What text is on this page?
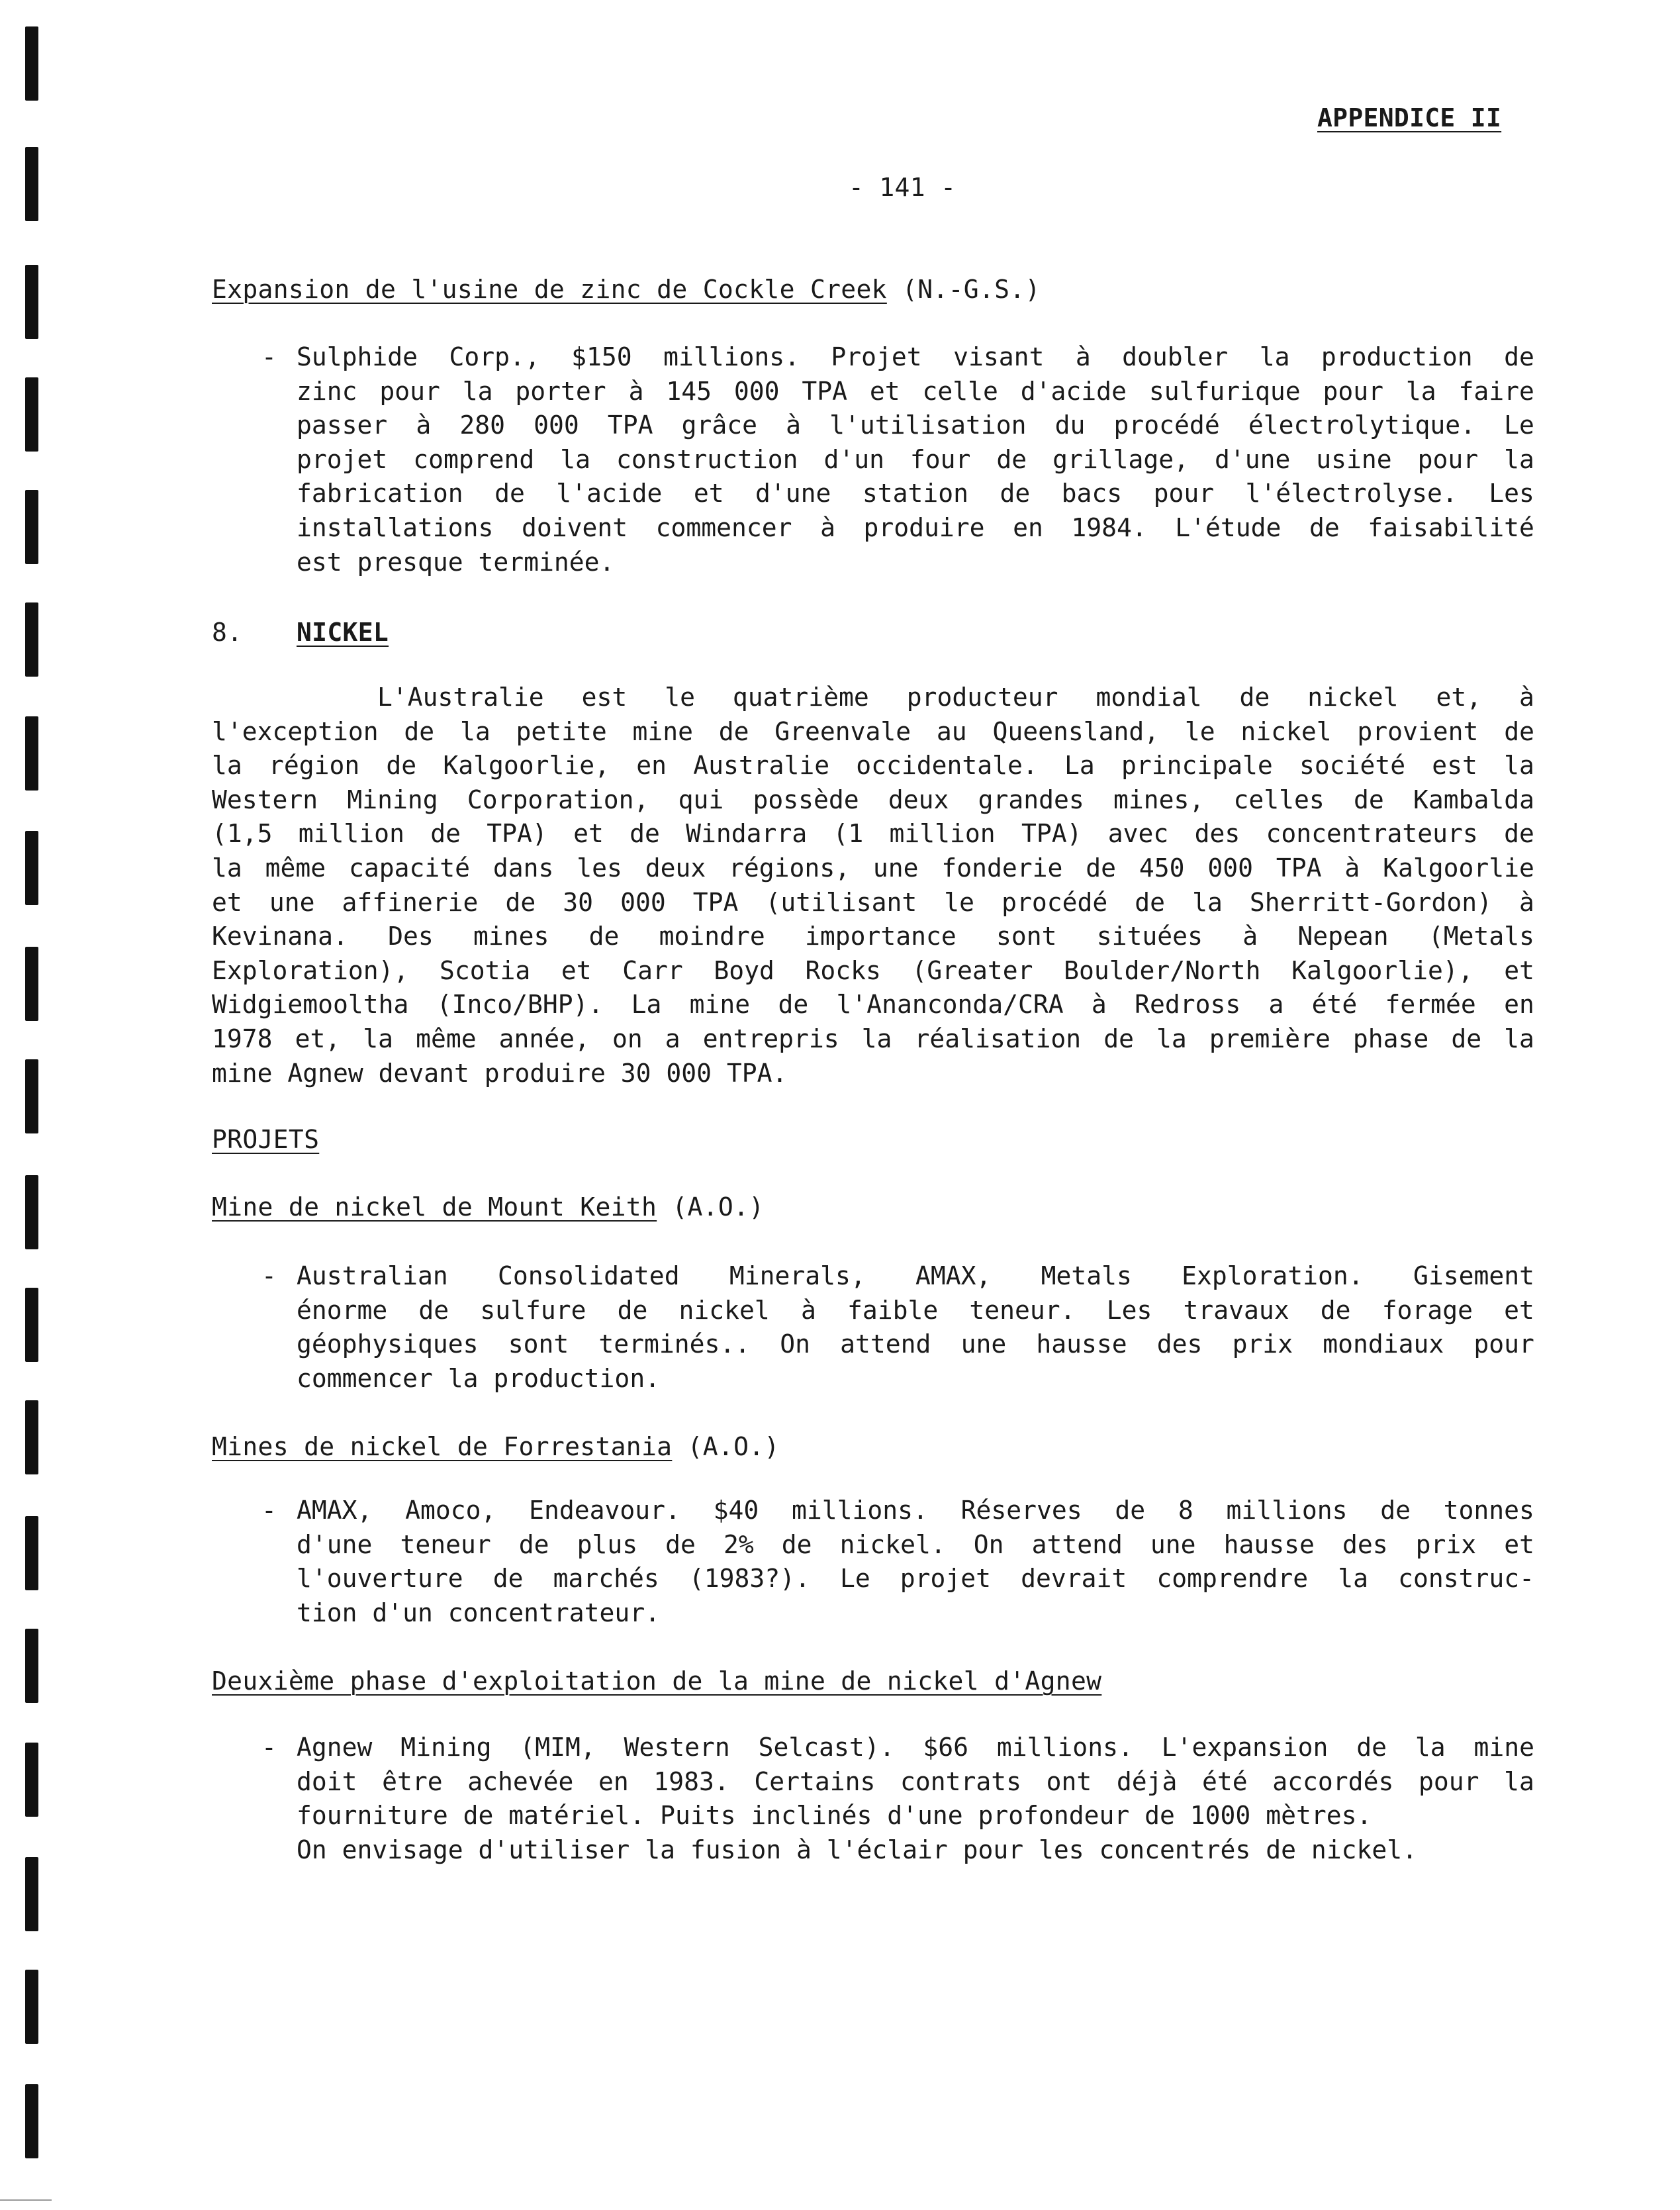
APPENDICE II
- 141 -
Expansion de l'usine de zinc de Cockle Creek (N.-G.S.)
- Sulphide Corp., $150 millions. Projet visant à doubler la production de
zinc pour la porter à 145 000 TPA et celle d'acide sulfurique pour la faire
passer à 280 000 TPA grâce à l'utilisation du procédé électrolytique. Le
projet comprend la construction d'un four de grillage, d'une usine pour la
fabrication de l'acide et d'une station de bacs pour l'électrolyse. Les
installations doivent commencer à produire en 1984. L'étude de faisabilité
est presque terminée.
8. NICKEL
L'Australie est le quatrième producteur mondial de nickel et, à
l'exception de la petite mine de Greenvale au Queensland, le nickel provient de
la région de Kalgoorlie, en Australie occidentale. La principale société est la
Western Mining Corporation, qui possède deux grandes mines, celles de Kambalda
(1,5 million de TPA) et de Windarra (1 million TPA) avec des concentrateurs de
la même capacité dans les deux régions, une fonderie de 450 000 TPA à Kalgoorlie
et une affinerie de 30 000 TPA (utilisant le procédé de la Sherritt-Gordon) à
Kevinana. Des mines de moindre importance sont situées à Nepean (Metals
Exploration), Scotia et Carr Boyd Rocks (Greater Boulder/North Kalgoorlie), et
Widgiemooltha (Inco/BHP). La mine de l'Ananconda/CRA à Redross a été fermée en
1978 et, la même année, on a entrepris la réalisation de la première phase de la
mine Agnew devant produire 30 000 TPA.
PROJETS
Mine de nickel de Mount Keith (A.O.)
- Australian Consolidated Minerals, AMAX, Metals Exploration. Gisement
énorme de sulfure de nickel à faible teneur. Les travaux de forage et
géophysiques sont terminés.. On attend une hausse des prix mondiaux pour
commencer la production.
Mines de nickel de Forrestania (A.O.)
- AMAX, Amoco, Endeavour. $40 millions. Réserves de 8 millions de tonnes
d'une teneur de plus de 2% de nickel. On attend une hausse des prix et
l'ouverture de marchés (1983?). Le projet devrait comprendre la construc-
tion d'un concentrateur.
Deuxième phase d'exploitation de la mine de nickel d'Agnew
- Agnew Mining (MIM, Western Selcast). $66 millions. L'expansion de la mine
doit être achevée en 1983. Certains contrats ont déjà été accordés pour la
fourniture de matériel. Puits inclinés d'une profondeur de 1000 mètres.
On envisage d'utiliser la fusion à l'éclair pour les concentrés de nickel.
